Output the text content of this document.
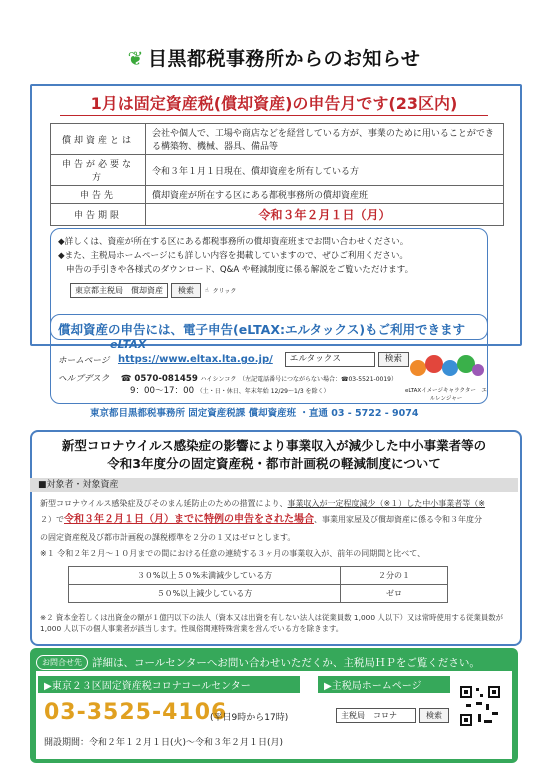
❦ 目黒都税事務所からのお知らせ
1月は固定資産税(償却資産)の申告月です(23区内)
償却資産とは	会社や個人で、工場や商店などを経営している方が、事業のために用いることができる構築物、機械、器具、備品等
申告が必要な方	令和３年１月１日現在、償却資産を所有している方
申告先	償却資産が所在する区にある都税事務所の償却資産班
申告期限	令和３年２月１日（月）
◆詳しくは、資産が所在する区にある都税事務所の償却資産班までお問い合わせください。
◆また、主税局ホームページにも詳しい内容を掲載していますので、ぜひご利用ください。
申告の手引きや各様式のダウンロード、Q&A や軽減制度に係る解説をご覧いただけます。
東京都主税局　償却資産	検索	☝ クリック
償却資産の申告には、電子申告(eLTAX:エルタックス)もご利用できます
eLTAX
ホームページ https://www.eltax.lta.go.jp/	エルタックス	検索
ヘルプデスク ☎ 0570-081459 ハイシンコク （左記電話番号につながらない場合：☎03-5521-0019）
9：00〜17：00 （土・日・休日、年末年始 12/29〜1/3 を除く）	eLTAXイメージキャラクター　エルレンジャー
東京都目黒都税事務所 固定資産税課 償却資産班 ・直通 03 - 5722 - 9074
新型コロナウイルス感染症の影響により事業収入が減少した中小事業者等の
令和3年度分の固定資産税・都市計画税の軽減制度について
■対象者・対象資産
新型コロナウイルス感染症及びそのまん延防止のための措置により、事業収入が一定程度減少（※１）した中小事業者等（※
２）で令和３年２月１日（月）までに特例の申告をされた場合、事業用家屋及び償却資産に係る令和３年度分
の固定資産税及び都市計画税の課税標準を２分の１又はゼロとします。
※１ 令和２年２月〜１０月までの間における任意の連続する３ヶ月の事業収入が、前年の同期間と比べて、
３０%以上５０%未満減少している方	２分の１
５０%以上減少している方	ゼロ
※２ 資本金若しくは出資金の額が１億円以下の法人（資本又は出資を有しない法人は従業員数 1,000 人以下）又は常時使用する従業員数が 1,000 人以下の個人事業者が該当します。性風俗関連特殊営業を営んでいる方を除きます。
お問合せ先 詳細は、コールセンターへお問い合わせいただくか、主税局ＨＰをご覧ください。
▶東京２３区固定資産税コロナコールセンター	▶主税局ホームページ
03-3525-4106
(平日9時から17時)
開設期間：令和２年１２月１日(火)〜令和３年２月１日(月)
主税局　コロナ	検索
